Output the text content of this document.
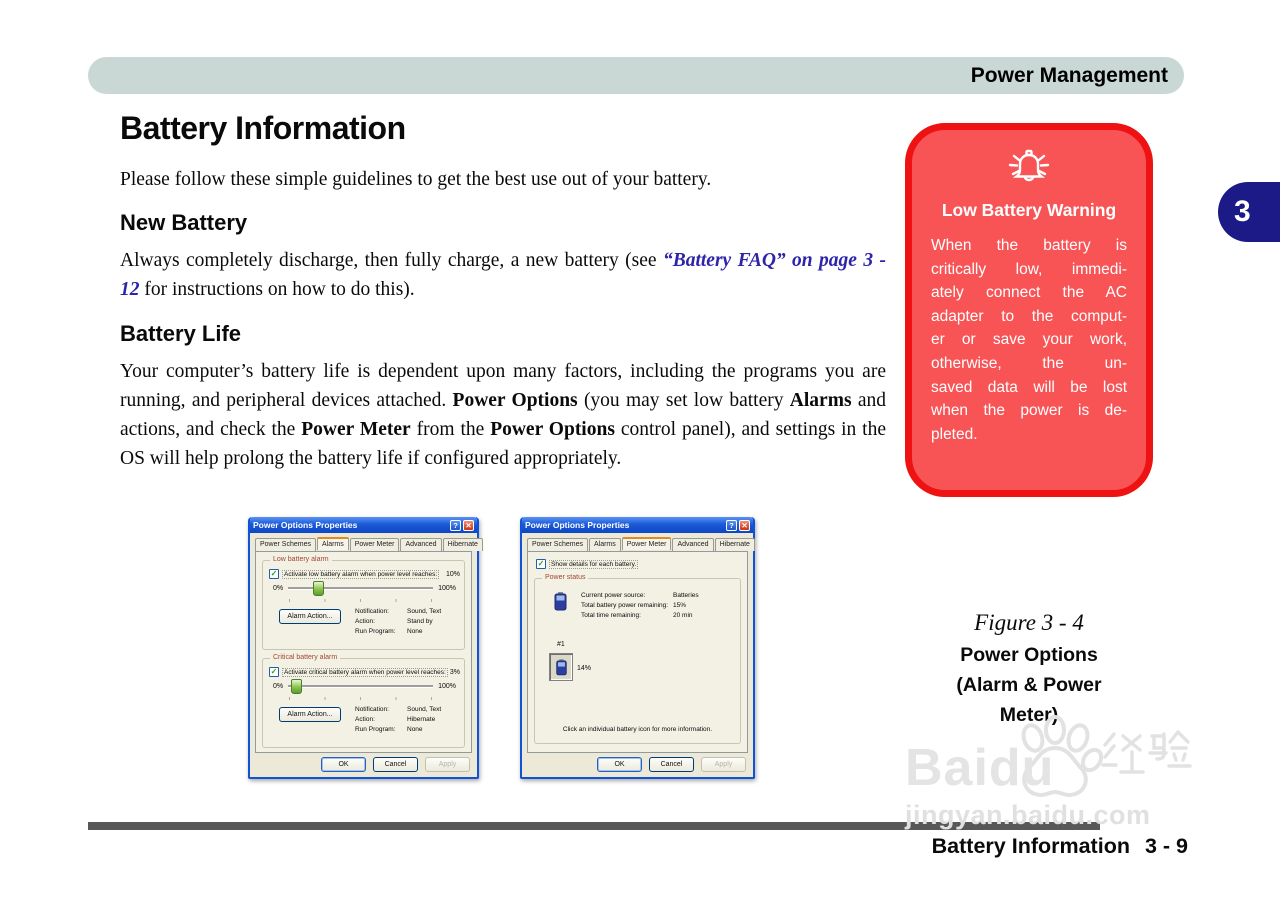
Power Management
3
Battery Information
Please follow these simple guidelines to get the best use out of your battery.
New Battery
Always completely discharge, then fully charge, a new battery (see “Battery FAQ” on page 3 - 12 for instructions on how to do this).
Battery Life
Your computer’s battery life is dependent upon many factors, including the programs you are running, and peripheral devices attached. Power Options (you may set low battery Alarms and actions, and check the Power Meter from the Power Options control panel), and settings in the OS will help prolong the battery life if configured appropriately.
Low Battery Warning
When the battery is
critically low, immedi-
ately connect the AC
adapter to the comput-
er or save your work,
otherwise, the un-
saved data will be lost
when the power is de-
pleted.
Power Options Properties	?	✕
Power Schemes	Alarms	Power Meter	Advanced	Hibernate
Low battery alarm
✓	Activate low battery alarm when power level reaches: 10%
0%	100%
Alarm Action...
Notification:	Sound, Text
Action:	Stand by
Run Program:	None
Critical battery alarm
✓	Activate critical battery alarm when power level reaches: 3%
0%	100%
Alarm Action...
Notification:	Sound, Text
Action:	Hibernate
Run Program:	None
OK	Cancel	Apply
Power Options Properties	?	✕
Power Schemes	Alarms	Power Meter	Advanced	Hibernate
✓	Show details for each battery.
Power status
Current power source:	Batteries
Total battery power remaining: 15%
Total time remaining:	20 min
#1
14%
Click an individual battery icon for more information.
OK	Cancel	Apply
Figure 3 - 4
Power Options (Alarm & Power Meter)
Baidu
jingyan.baidu.com
Battery Information 3 - 9
